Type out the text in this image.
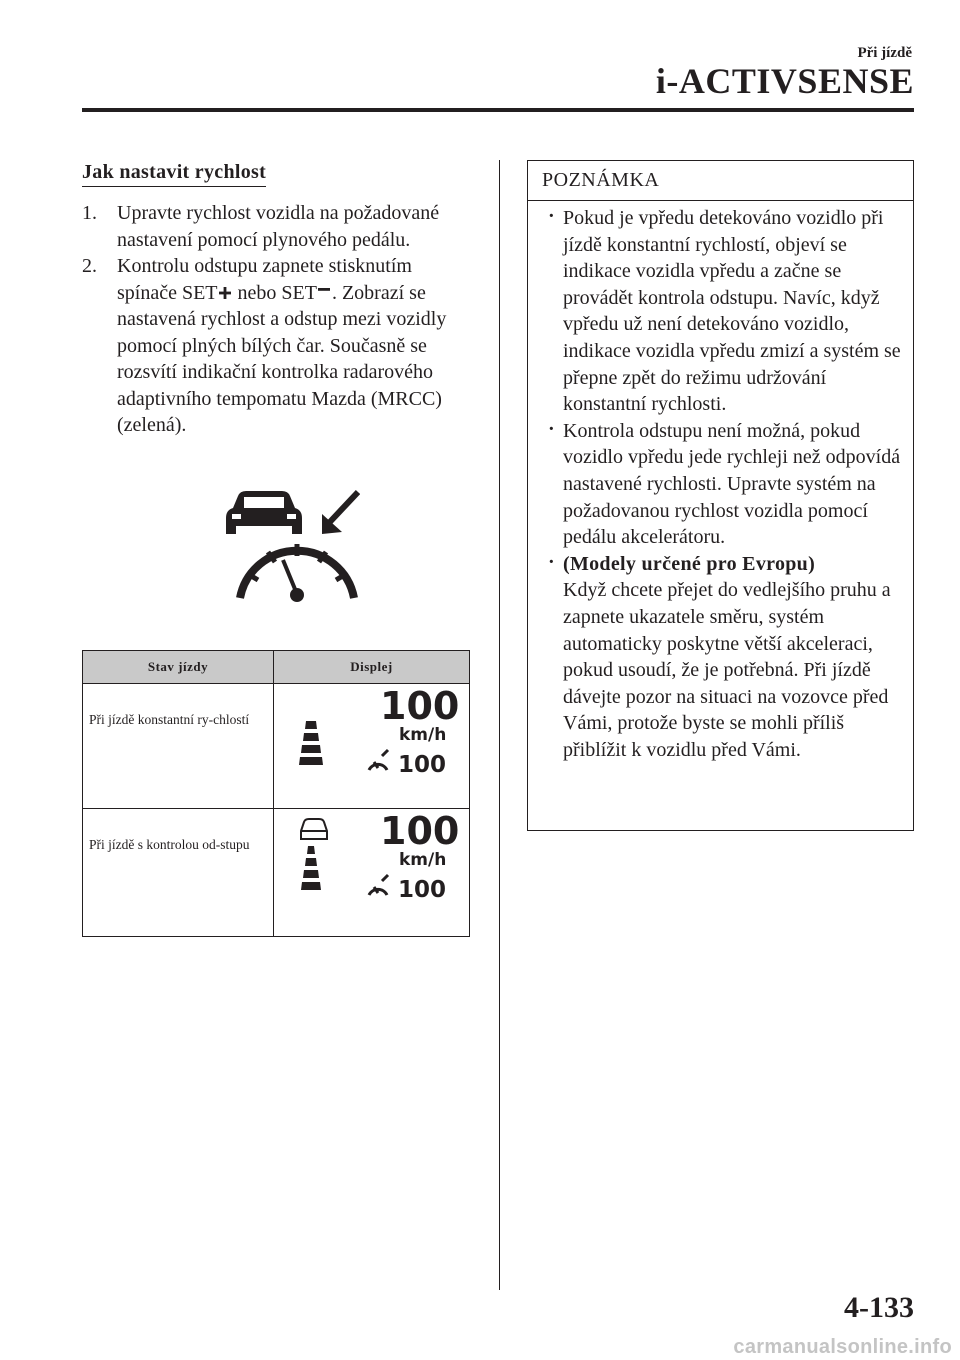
Při jízdě
i-ACTIVSENSE
Jak nastavit rychlost
1. Upravte rychlost vozidla na požadované nastavení pomocí plynového pedálu.
2. Kontrolu odstupu zapnete stisknutím spínače SET nebo SET . Zobrazí se nastavená rychlost a odstup mezi vozidly pomocí plných bílých čar. Současně se rozsvítí indikační kontrolka radarového adaptivního tempomatu Mazda (MRCC) (zelená).
Stav jízdy	Displej
Při jízdě konstantní ry-chlostí	100
km/h
100

Při jízdě s kontrolou od-stupu	100
km/h
100
POZNÁMKA
· Pokud je vpředu detekováno vozidlo při jízdě konstantní rychlostí, objeví se indikace vozidla vpředu a začne se provádět kontrola odstupu. Navíc, když vpředu už není detekováno vozidlo, indikace vozidla vpředu zmizí a systém se přepne zpět do režimu udržování konstantní rychlosti.
· Kontrola odstupu není možná, pokud vozidlo vpředu jede rychleji než odpovídá nastavené rychlosti. Upravte systém na požadovanou rychlost vozidla pomocí pedálu akcelerátoru.
· (Modely určené pro Evropu)
Když chcete přejet do vedlejšího pruhu a zapnete ukazatele směru, systém automaticky poskytne větší akceleraci, pokud usoudí, že je potřebná. Při jízdě dávejte pozor na situaci na vozovce před Vámi, protože byste se mohli příliš přiblížit k vozidlu před Vámi.
4-133
carmanualsonline.info
